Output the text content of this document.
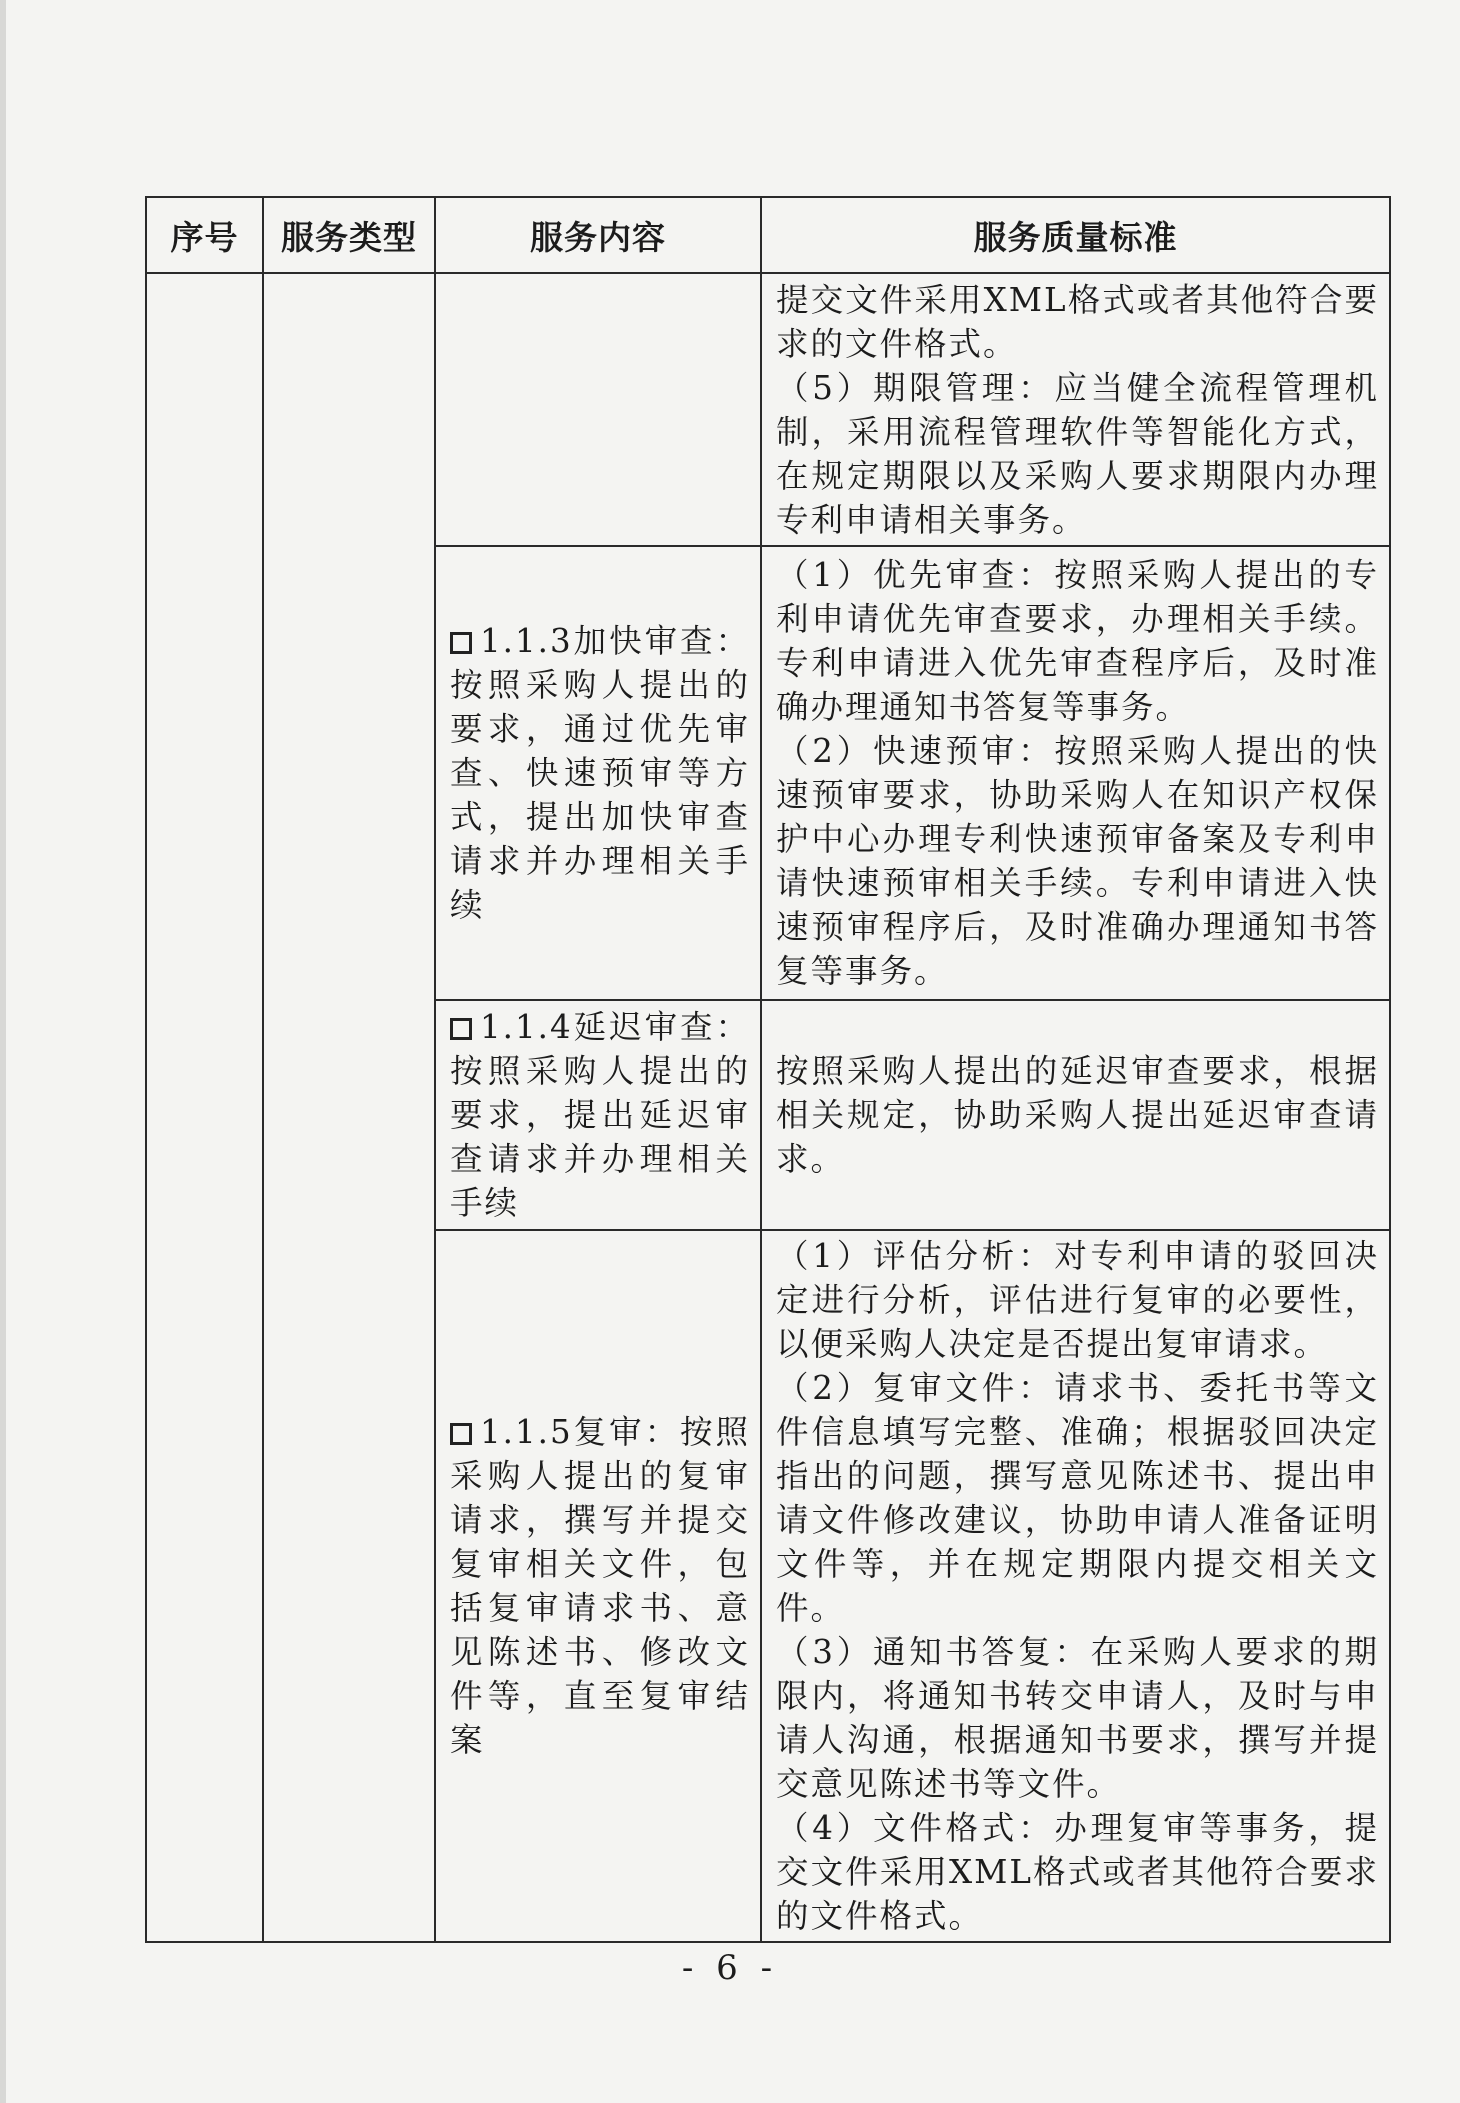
序号	服务类型	服务内容	服务质量标准

			提交文件采用XML格式或者其他符合要求的文件格式。
（5）期限管理：应当健全流程管理机制，采用流程管理软件等智能化方式，在规定期限以及采购人要求期限内办理专利申请相关事务。

		1.1.3加快审查：按照采购人提出的要求，通过优先审查、快速预审等方式，提出加快审查请求并办理相关手续	（1）优先审查：按照采购人提出的专利申请优先审查要求，办理相关手续。专利申请进入优先审查程序后，及时准确办理通知书答复等事务。
（2）快速预审：按照采购人提出的快速预审要求，协助采购人在知识产权保护中心办理专利快速预审备案及专利申请快速预审相关手续。专利申请进入快速预审程序后，及时准确办理通知书答复等事务。

		1.1.4延迟审查：按照采购人提出的要求，提出延迟审查请求并办理相关手续	按照采购人提出的延迟审查要求，根据相关规定，协助采购人提出延迟审查请求。

		1.1.5复审：按照采购人提出的复审请求，撰写并提交复审相关文件，包括复审请求书、意见陈述书、修改文件等，直至复审结案	（1）评估分析：对专利申请的驳回决定进行分析，评估进行复审的必要性，以便采购人决定是否提出复审请求。
（2）复审文件：请求书、委托书等文件信息填写完整、准确；根据驳回决定指出的问题，撰写意见陈述书、提出申请文件修改建议，协助申请人准备证明文件等，并在规定期限内提交相关文件。
（3）通知书答复：在采购人要求的期限内，将通知书转交申请人，及时与申请人沟通，根据通知书要求，撰写并提交意见陈述书等文件。
（4）文件格式：办理复审等事务，提交文件采用XML格式或者其他符合要求的文件格式。
- 6 -
